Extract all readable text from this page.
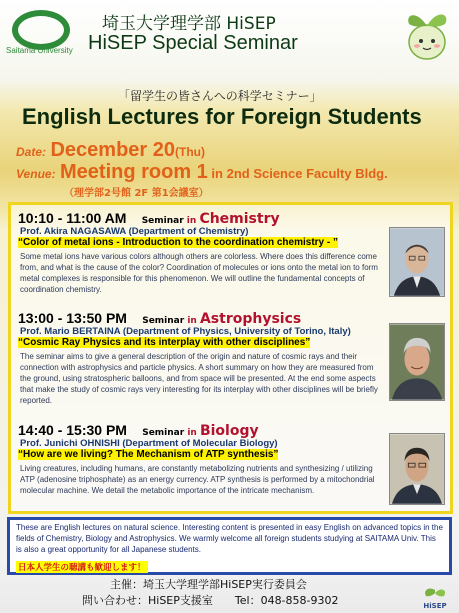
Saitama University
埼玉大学理学部 HiSEP
HiSEP Special Seminar
「留学生の皆さんへの科学セミナー」
English Lectures for Foreign Students
Date: December 20(Thu)
Venue: Meeting room 1 in 2nd Science Faculty Bldg.
（理学部2号館 2F 第1会議室）
10:10 - 11:00 AM Seminar in Chemistry
Prof. Akira NAGASAWA (Department of Chemistry)
“Color of metal ions - Introduction to the coordination chemistry - ”
Some metal ions have various colors although others are colorless. Where does this difference come from, and what is the cause of the color? Coordination of molecules or ions onto the metal ion to form metal complexes is responsible for this phenomenon. We will outline the fundamental concepts of coordination chemistry.
13:00 - 13:50 PM Seminar in Astrophysics
Prof. Mario BERTAINA (Department of Physics, University of Torino, Italy)
“Cosmic Ray Physics and its interplay with other disciplines”
The seminar aims to give a general description of the origin and nature of cosmic rays and their connection with astrophysics and particle physics. A short summary on how they are measured from the ground, using stratospheric balloons, and from space will be presented. At the end some aspects that make the study of cosmic rays very interesting for its interplay with other disciplines will be briefly reported.
14:40 - 15:30 PM Seminar in Biology
Prof. Junichi OHNISHI (Department of Molecular Biology)
“How are we living? The Mechanism of ATP synthesis”
Living creatures, including humans, are constantly metabolizing nutrients and synthesizing / utilizing ATP (adenosine triphosphate) as an energy currency. ATP synthesis is performed by a mitochondrial molecular machine. We detail the metabolic importance of the intricate mechanism.
These are English lectures on natural science. Interesting content is presented in easy English on advanced topics in the fields of Chemistry, Biology and Astrophysics. We warmly welcome all foreign students studying at SAITAMA Univ. This is also a great opportunity for all Japanese students.
日本人学生の聴講も歓迎します！
主催：埼玉大学理学部HiSEP実行委員会
問い合わせ：HiSEP支援室　　Tel：048-858-9302	HiSEP
